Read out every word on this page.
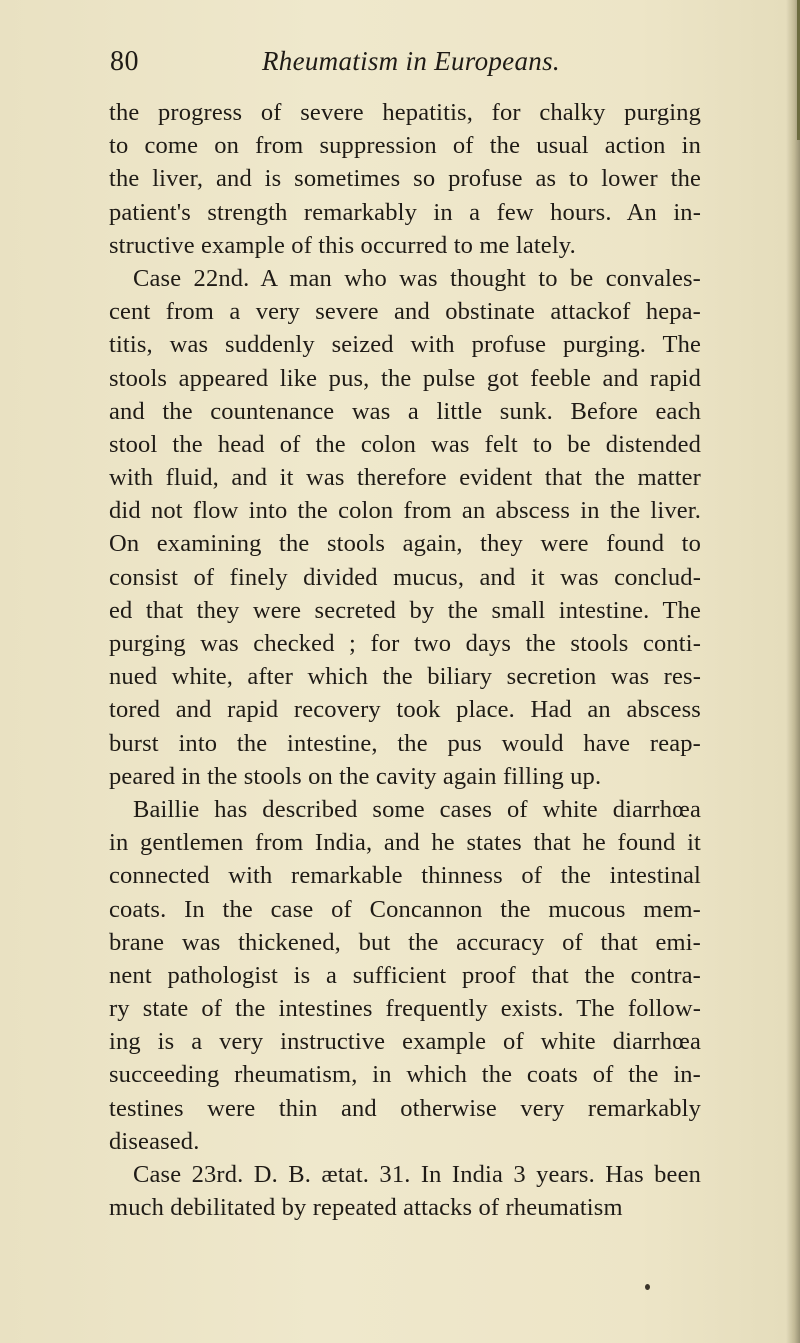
80	Rheumatism in Europeans.
the progress of severe hepatitis, for chalky purging
to come on from suppression of the usual action in
the liver, and is sometimes so profuse as to lower the
patient's strength remarkably in a few hours. An in-
structive example of this occurred to me lately.
Case 22nd. A man who was thought to be convales-
cent from a very severe and obstinate attackof hepa-
titis, was suddenly seized with profuse purging. The
stools appeared like pus, the pulse got feeble and rapid
and the countenance was a little sunk. Before each
stool the head of the colon was felt to be distended
with fluid, and it was therefore evident that the matter
did not flow into the colon from an abscess in the liver.
On examining the stools again, they were found to
consist of finely divided mucus, and it was conclud-
ed that they were secreted by the small intestine. The
purging was checked ; for two days the stools conti-
nued white, after which the biliary secretion was res-
tored and rapid recovery took place. Had an abscess
burst into the intestine, the pus would have reap-
peared in the stools on the cavity again filling up.
Baillie has described some cases of white diarrhœa
in gentlemen from India, and he states that he found it
connected with remarkable thinness of the intestinal
coats. In the case of Concannon the mucous mem-
brane was thickened, but the accuracy of that emi-
nent pathologist is a sufficient proof that the contra-
ry state of the intestines frequently exists. The follow-
ing is a very instructive example of white diarrhœa
succeeding rheumatism, in which the coats of the in-
testines were thin and otherwise very remarkably
diseased.
Case 23rd. D. B. ætat. 31. In India 3 years. Has been
much debilitated by repeated attacks of rheumatism
